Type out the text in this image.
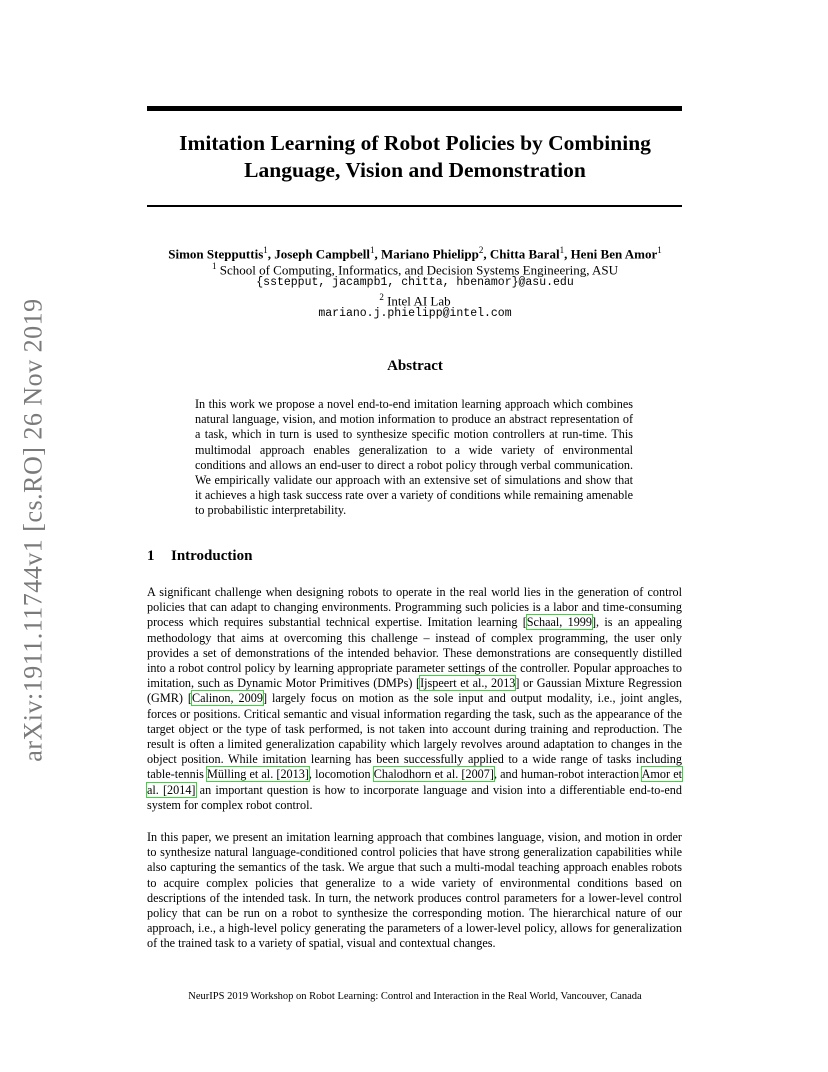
arXiv:1911.11744v1 [cs.RO] 26 Nov 2019
Imitation Learning of Robot Policies by Combining
Language, Vision and Demonstration
Simon Stepputtis$^1$, Joseph Campbell$^1$, Mariano Phielipp$^2$, Chitta Baral$^1$, Heni Ben Amor$^1$
$^1$ School of Computing, Informatics, and Decision Systems Engineering, ASU
{sstepput, jacampb1, chitta, hbenamor}@asu.edu
$^2$ Intel AI Lab
mariano.j.phielipp@intel.com
Abstract
In this work we propose a novel end-to-end imitation learning approach which combines natural language, vision, and motion information to produce an abstract representation of a task, which in turn is used to synthesize specific motion controllers at run-time. This multimodal approach enables generalization to a wide variety of environmental conditions and allows an end-user to direct a robot policy through verbal communication. We empirically validate our approach with an extensive set of simulations and show that it achieves a high task success rate over a variety of conditions while remaining amenable to probabilistic interpretability.
1 Introduction
A significant challenge when designing robots to operate in the real world lies in the generation of control policies that can adapt to changing environments. Programming such policies is a labor and time-consuming process which requires substantial technical expertise. Imitation learning [Schaal, 1999], is an appealing methodology that aims at overcoming this challenge – instead of complex programming, the user only provides a set of demonstrations of the intended behavior. These demonstrations are consequently distilled into a robot control policy by learning appropriate parameter settings of the controller. Popular approaches to imitation, such as Dynamic Motor Primitives (DMPs) [Ijspeert et al., 2013] or Gaussian Mixture Regression (GMR) [Calinon, 2009] largely focus on motion as the sole input and output modality, i.e., joint angles, forces or positions. Critical semantic and visual information regarding the task, such as the appearance of the target object or the type of task performed, is not taken into account during training and reproduction. The result is often a limited generalization capability which largely revolves around adaptation to changes in the object position. While imitation learning has been successfully applied to a wide range of tasks including table-tennis Mülling et al. [2013], locomotion Chalodhorn et al. [2007], and human-robot interaction Amor et al. [2014] an important question is how to incorporate language and vision into a differentiable end-to-end system for complex robot control.
In this paper, we present an imitation learning approach that combines language, vision, and motion in order to synthesize natural language-conditioned control policies that have strong generalization capabilities while also capturing the semantics of the task. We argue that such a multi-modal teaching approach enables robots to acquire complex policies that generalize to a wide variety of environmental conditions based on descriptions of the intended task. In turn, the network produces control parameters for a lower-level control policy that can be run on a robot to synthesize the corresponding motion. The hierarchical nature of our approach, i.e., a high-level policy generating the parameters of a lower-level policy, allows for generalization of the trained task to a variety of spatial, visual and contextual changes.
NeurIPS 2019 Workshop on Robot Learning: Control and Interaction in the Real World, Vancouver, Canada
